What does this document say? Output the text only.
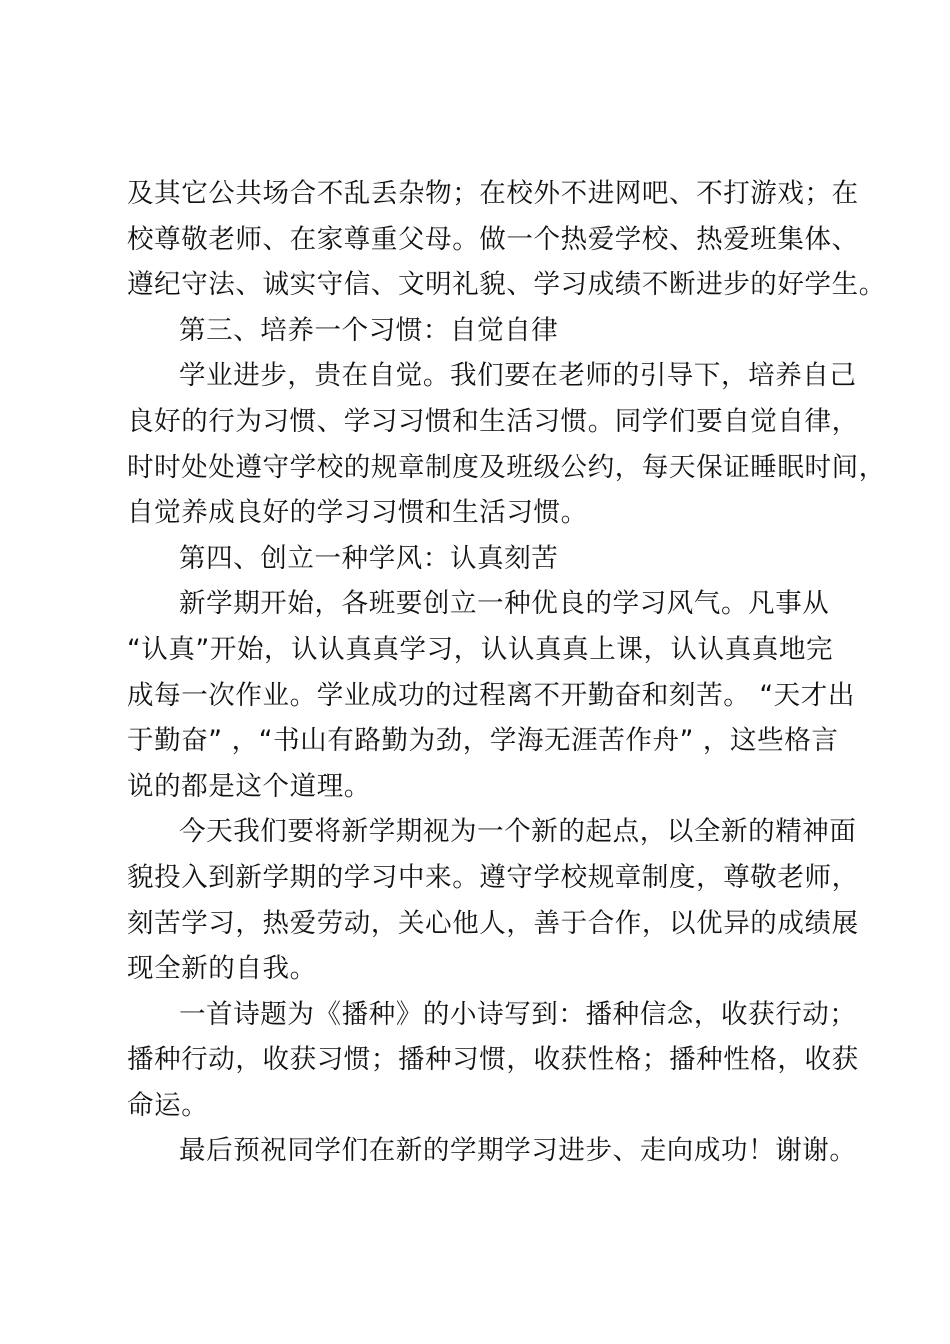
及其它公共场合不乱丢杂物；在校外不进网吧、不打游戏；在
校尊敬老师、在家尊重父母。做一个热爱学校、热爱班集体、
遵纪守法、诚实守信、文明礼貌、学习成绩不断进步的好学生。
第三、培养一个习惯：自觉自律
学业进步，贵在自觉。我们要在老师的引导下，培养自己
良好的行为习惯、学习习惯和生活习惯。同学们要自觉自律，
时时处处遵守学校的规章制度及班级公约，每天保证睡眠时间，
自觉养成良好的学习习惯和生活习惯。
第四、创立一种学风：认真刻苦
新学期开始，各班要创立一种优良的学习风气。凡事从
“认真”开始，认认真真学习，认认真真上课，认认真真地完
成每一次作业。学业成功的过程离不开勤奋和刻苦。 “天才出
于勤奋” ，“书山有路勤为劲，学海无涯苦作舟” ，这些格言
说的都是这个道理。
今天我们要将新学期视为一个新的起点，以全新的精神面
貌投入到新学期的学习中来。遵守学校规章制度，尊敬老师，
刻苦学习，热爱劳动，关心他人，善于合作，以优异的成绩展
现全新的自我。
一首诗题为《播种》的小诗写到：播种信念，收获行动；
播种行动，收获习惯；播种习惯，收获性格；播种性格，收获
命运。
最后预祝同学们在新的学期学习进步、走向成功！谢谢。
